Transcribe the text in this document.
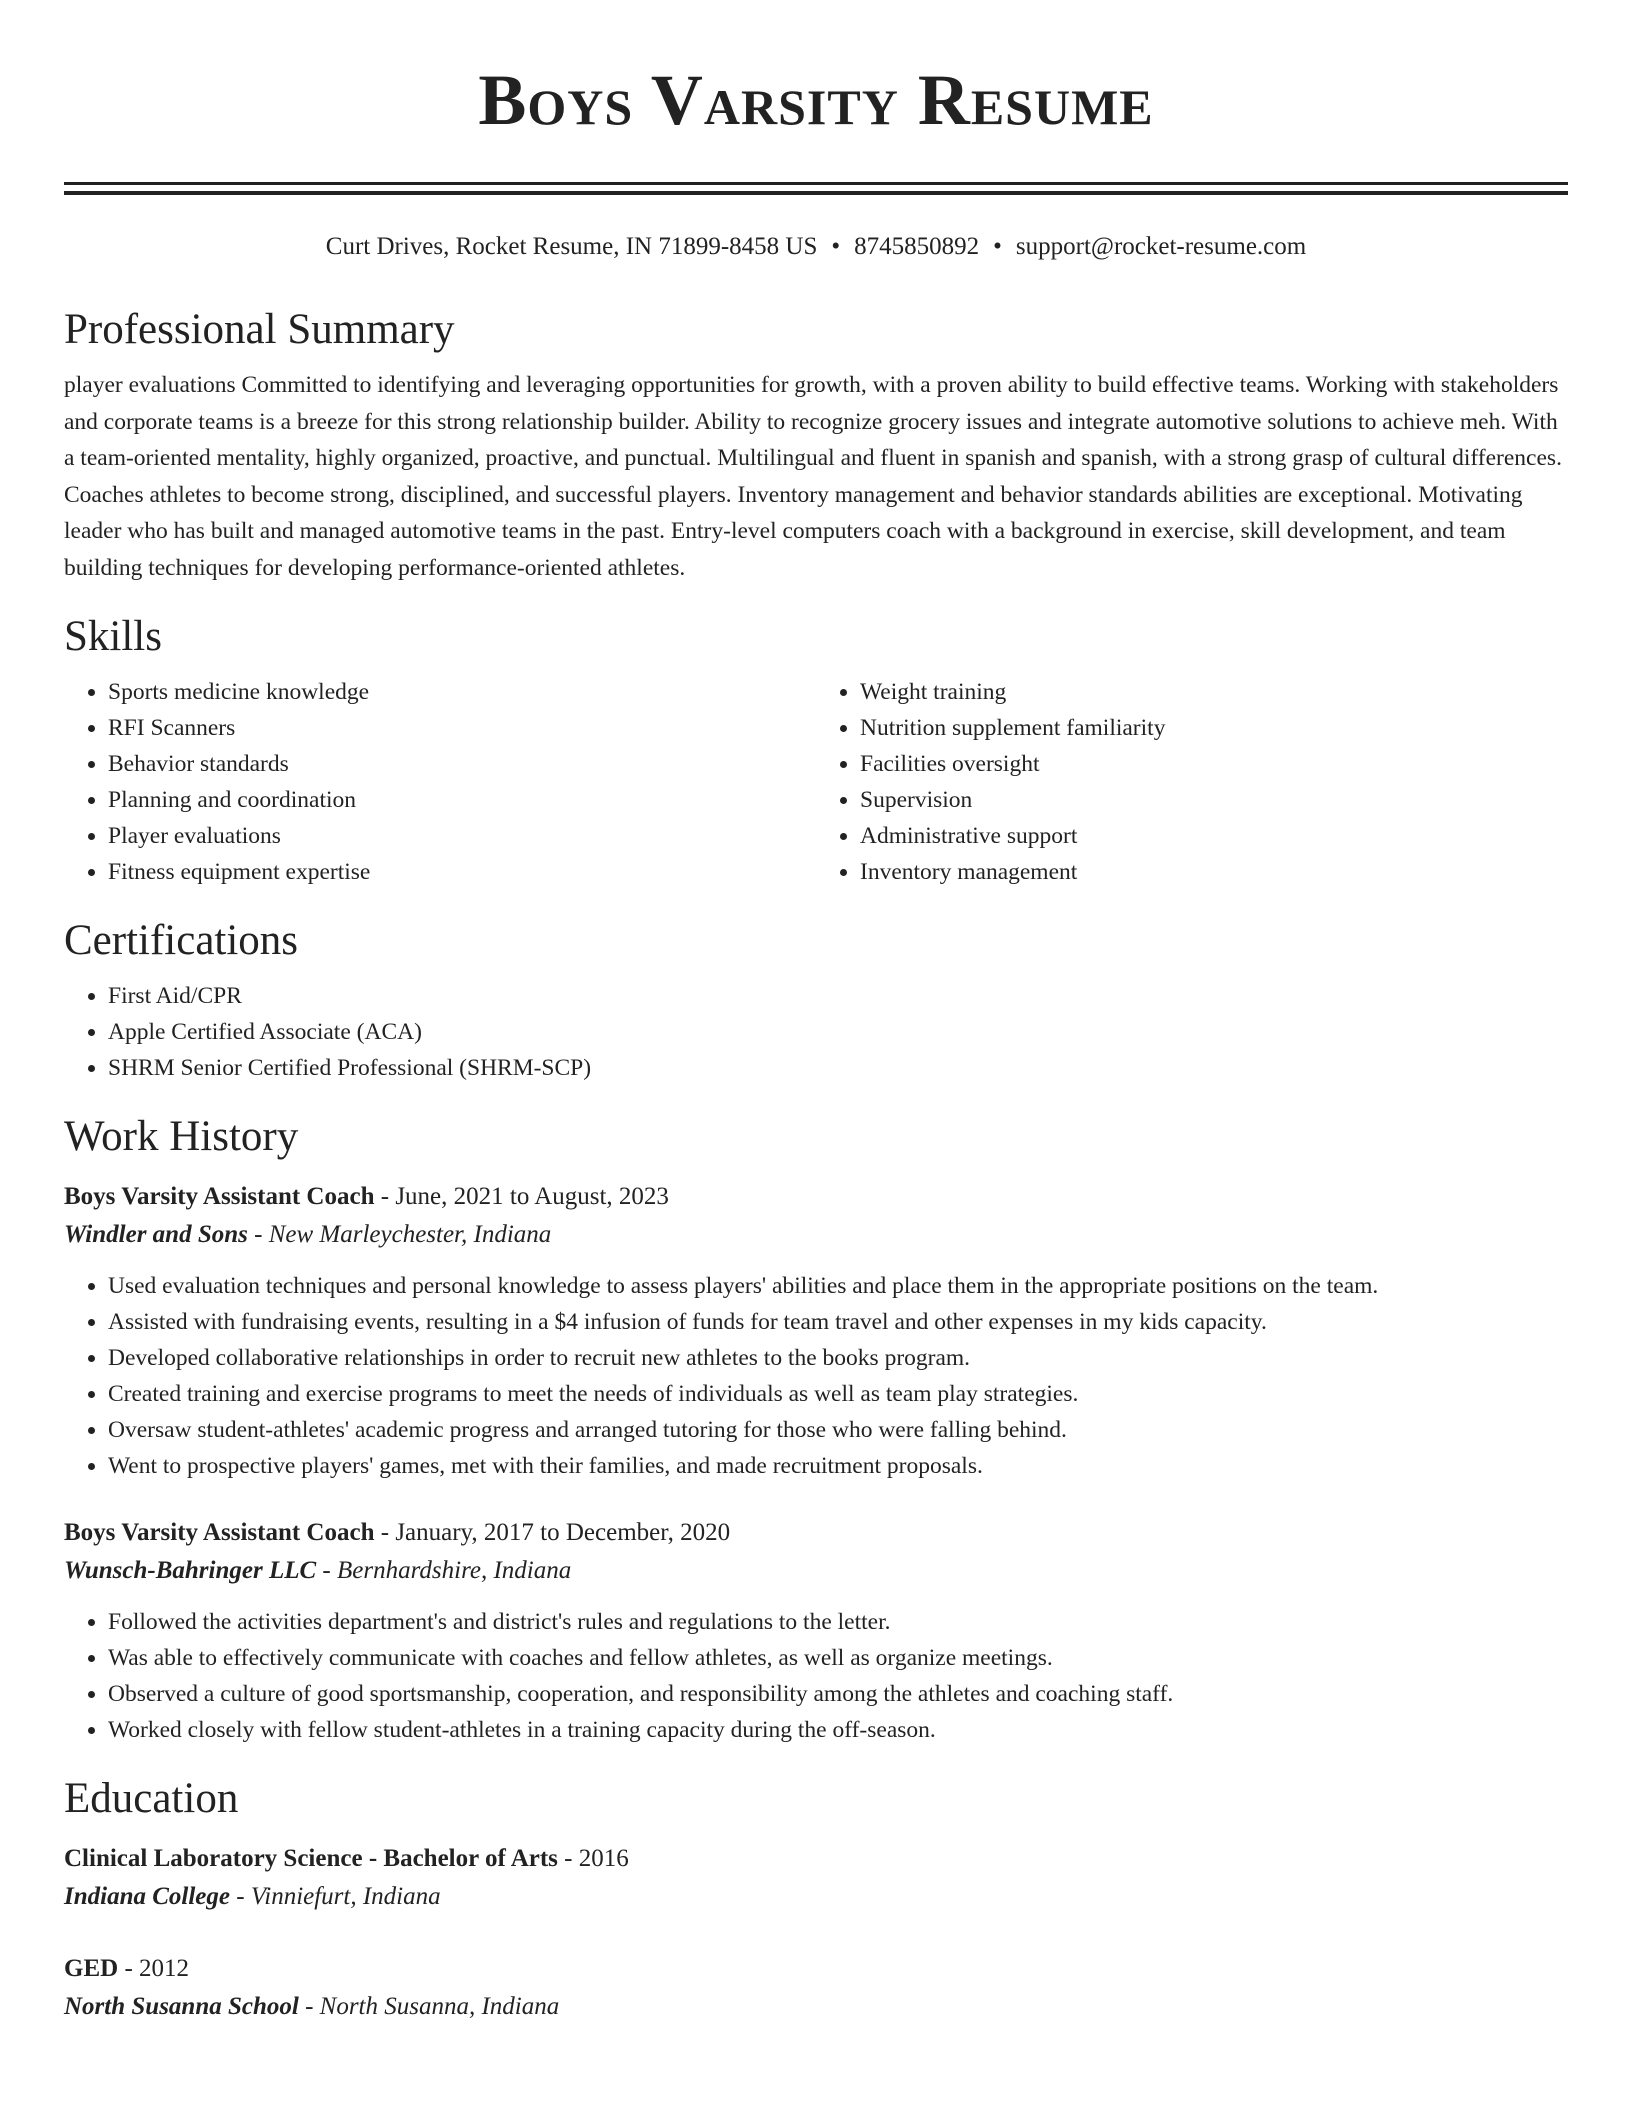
Boys Varsity Resume
Curt Drives, Rocket Resume, IN 71899-8458 US • 8745850892 • support@rocket-resume.com
Professional Summary

player evaluations Committed to identifying and leveraging opportunities for growth, with a proven ability to build effective teams. Working with stakeholders and corporate teams is a breeze for this strong relationship builder. Ability to recognize grocery issues and integrate automotive solutions to achieve meh. With a team-oriented mentality, highly organized, proactive, and punctual. Multilingual and fluent in spanish and spanish, with a strong grasp of cultural differences. Coaches athletes to become strong, disciplined, and successful players. Inventory management and behavior standards abilities are exceptional. Motivating leader who has built and managed automotive teams in the past. Entry-level computers coach with a background in exercise, skill development, and team building techniques for developing performance-oriented athletes.

Skills
• Sports medicine knowledge
• RFI Scanners
• Behavior standards
• Planning and coordination
• Player evaluations
• Fitness equipment expertise
• Weight training
• Nutrition supplement familiarity
• Facilities oversight
• Supervision
• Administrative support
• Inventory management
Certifications
• First Aid/CPR
• Apple Certified Associate (ACA)
• SHRM Senior Certified Professional (SHRM-SCP)
Work History
Boys Varsity Assistant Coach - June, 2021 to August, 2023
Windler and Sons - New Marleychester, Indiana
• Used evaluation techniques and personal knowledge to assess players' abilities and place them in the appropriate positions on the team.
• Assisted with fundraising events, resulting in a $4 infusion of funds for team travel and other expenses in my kids capacity.
• Developed collaborative relationships in order to recruit new athletes to the books program.
• Created training and exercise programs to meet the needs of individuals as well as team play strategies.
• Oversaw student-athletes' academic progress and arranged tutoring for those who were falling behind.
• Went to prospective players' games, met with their families, and made recruitment proposals.
Boys Varsity Assistant Coach - January, 2017 to December, 2020
Wunsch-Bahringer LLC - Bernhardshire, Indiana
• Followed the activities department's and district's rules and regulations to the letter.
• Was able to effectively communicate with coaches and fellow athletes, as well as organize meetings.
• Observed a culture of good sportsmanship, cooperation, and responsibility among the athletes and coaching staff.
• Worked closely with fellow student-athletes in a training capacity during the off-season.
Education
Clinical Laboratory Science - Bachelor of Arts - 2016
Indiana College - Vinniefurt, Indiana
GED - 2012
North Susanna School - North Susanna, Indiana
